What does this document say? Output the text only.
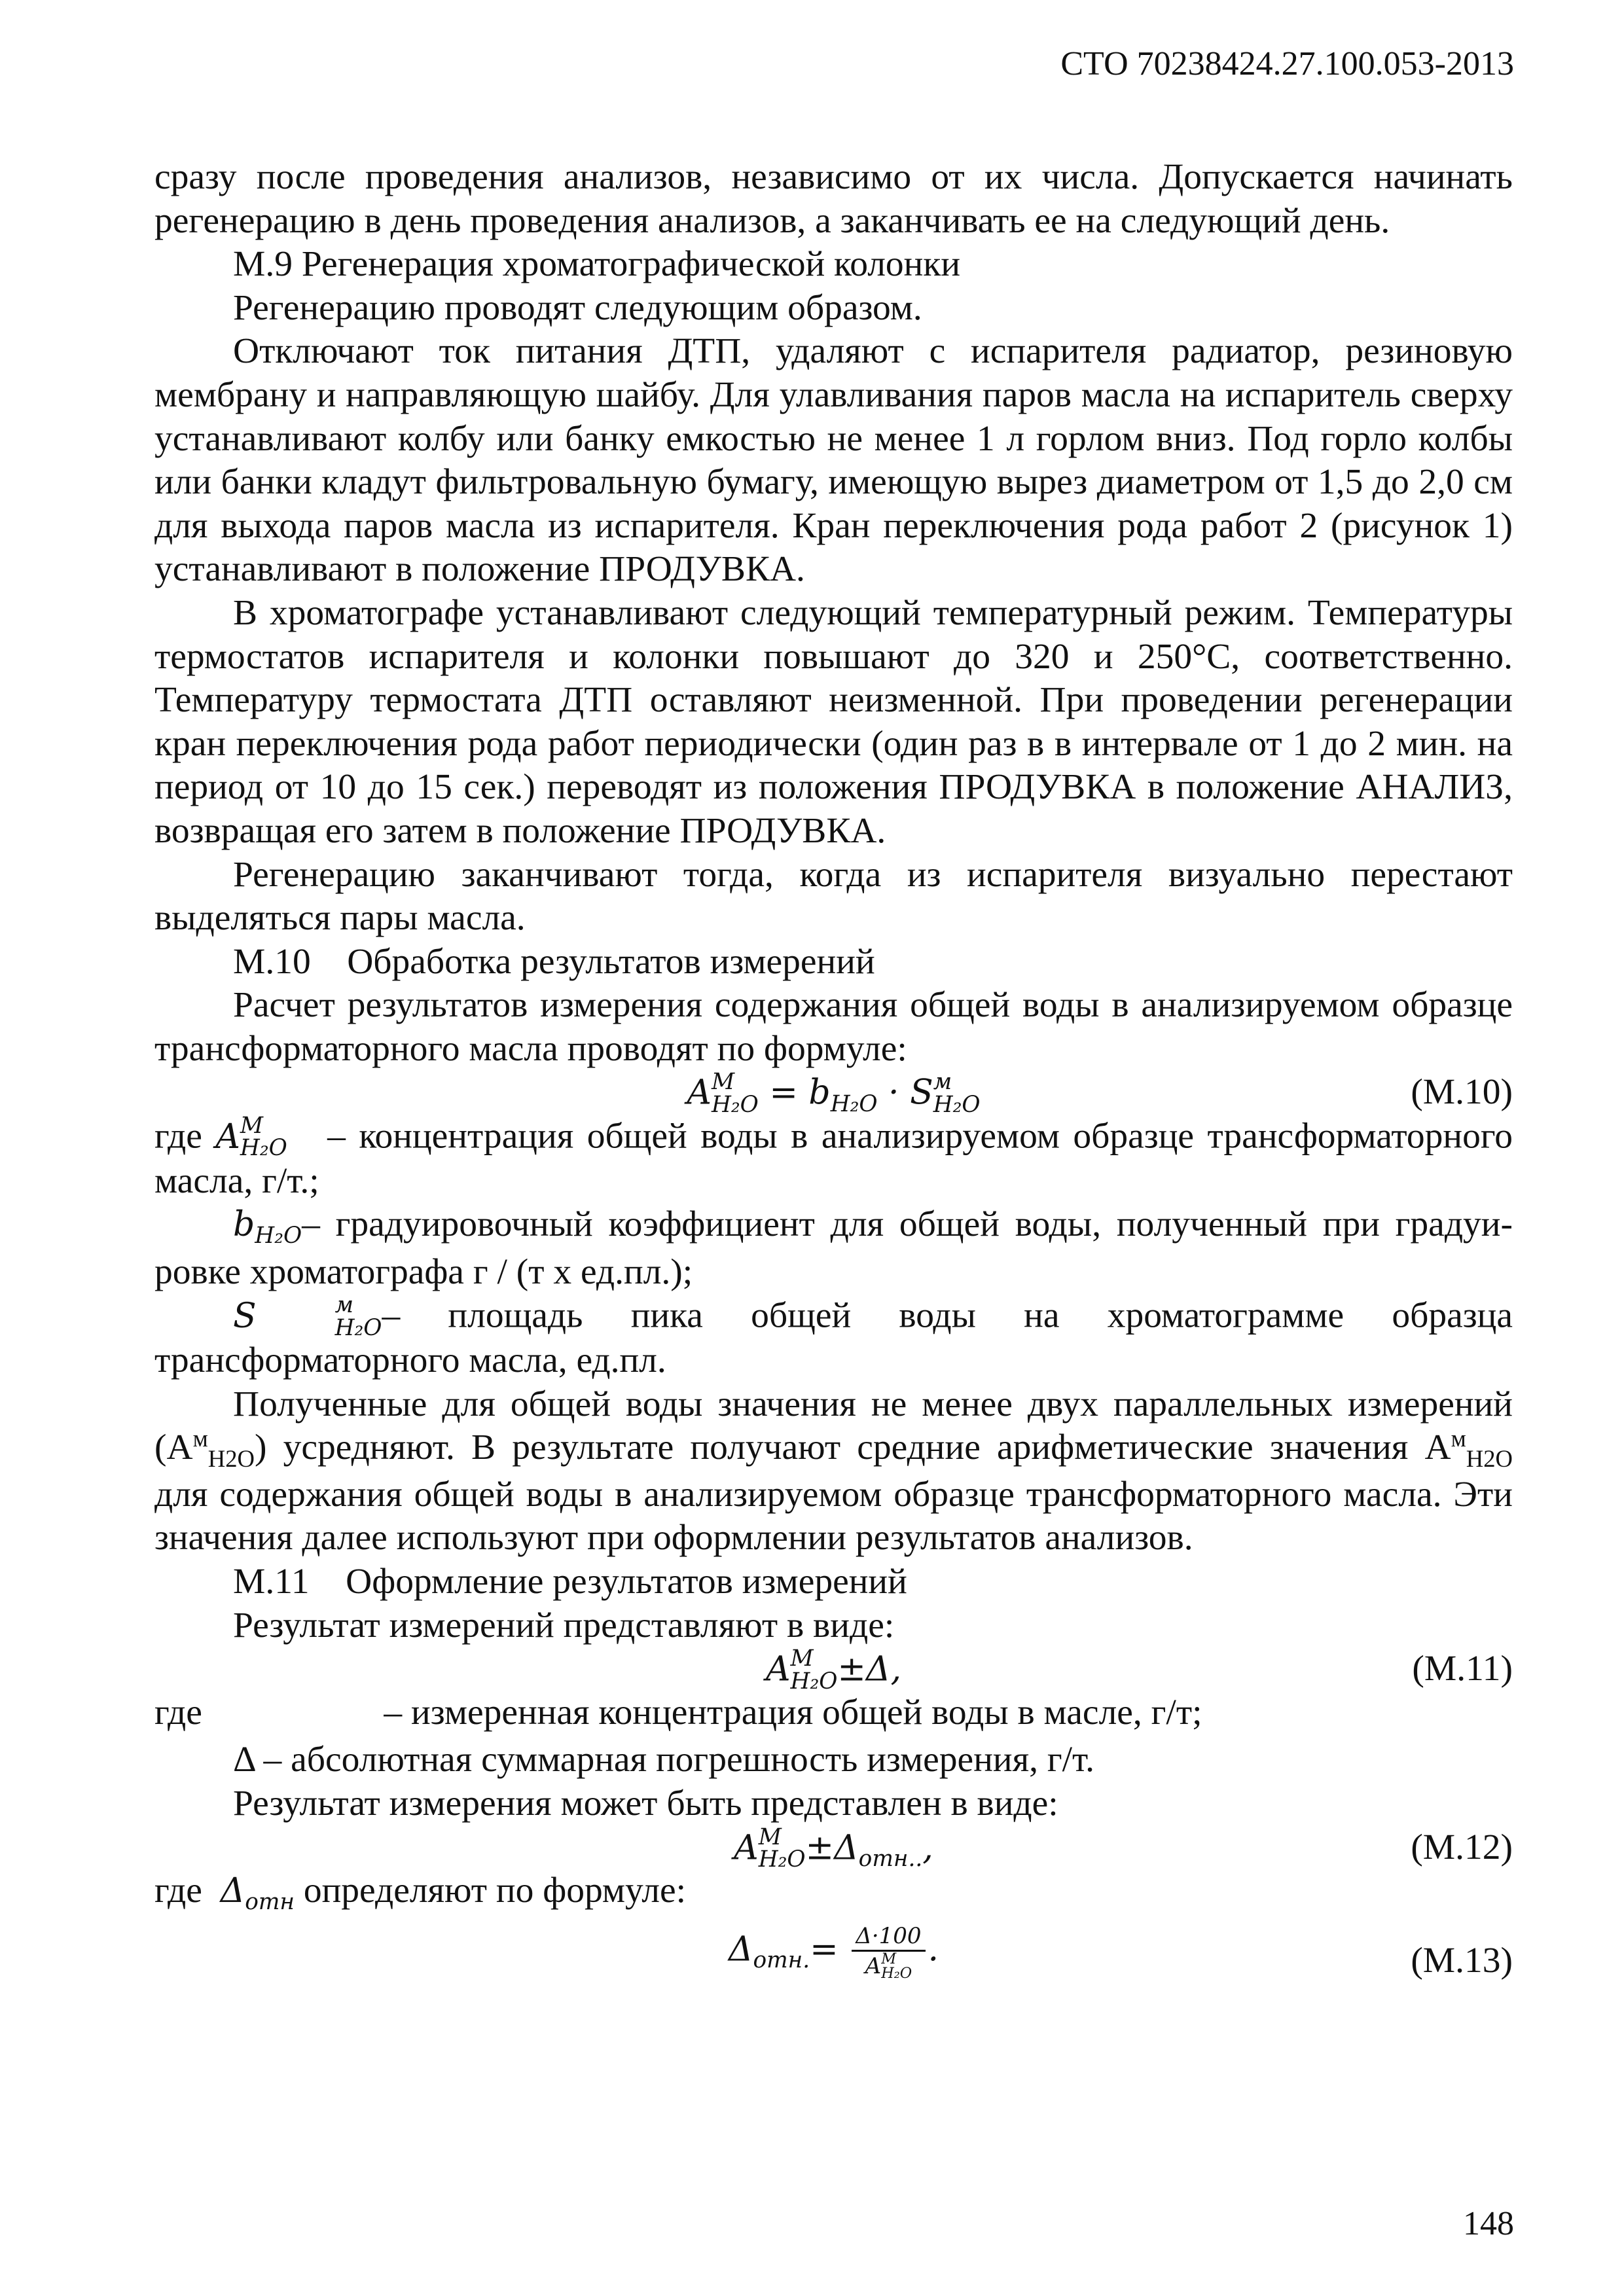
СТО 70238424.27.100.053-2013

сразу после проведения анализов, независимо от их числа. Допускается начинать регенерацию в день проведения анализов, а заканчивать ее на следующий день.

М.9 Регенерация хроматографической колонки

Регенерацию проводят следующим образом.

Отключают ток питания ДТП, удаляют с испарителя радиатор, резиновую мембрану и направляющую шайбу. Для улавливания паров масла на испаритель сверху устанавливают колбу или банку емкостью не менее 1 л горлом вниз. Под горло колбы или банки кладут фильтровальную бумагу, имеющую вырез диаметром от 1,5 до 2,0 см для выхода паров масла из испарителя. Кран переключения рода работ 2 (рисунок 1) устанавливают в положение ПРОДУВКА.

В хроматографе устанавливают следующий температурный режим. Температуры термостатов испарителя и колонки повышают до 320 и 250°С, соответственно. Температуру термостата ДТП оставляют неизменной. При проведении регенерации кран переключения рода работ периодически (один раз в в интервале от 1 до 2 мин. на период от 10 до 15 сек.) переводят из положения ПРОДУВКА в положение АНАЛИЗ, возвращая его затем в положение ПРОДУВКА.

Регенерацию заканчивают тогда, когда из испарителя визуально перестают выделяться пары масла.

М.10    Обработка результатов измерений

Расчет результатов измерения содержания общей воды в анализируемом образце трансформаторного масла проводят по формуле:

A М
$H_2O = b_{H_2O} \cdot S$ м
H₂O	(М.10)

где A М
H₂O – концентрация общей воды в анализируемом образце трансформаторного масла, г/т.;

$b_{H_2O}-$ градуировочный коэффициент для общей воды, полученный при градуи-ровке хроматографа г / (т х ед.пл.);

S	м
H₂O – площадь пика общей воды на хроматограмме образца трансформаторного масла, ед.пл.

Полученные для общей воды значения не менее двух параллельных измерений $(А^м_{Н2О})$ усредняют. В результате получают средние арифметические значения $А^м_{Н2О}$ для содержания общей воды в анализируемом образце трансформаторного масла. Эти значения далее используют при оформлении результатов анализов.

М.11    Оформление результатов измерений

Результат измерений представляют в виде:

A М
H₂O ±Δ,	(М.11)

где                    – измеренная концентрация общей воды в масле, г/т;

Δ – абсолютная суммарная погрешность измерения, г/т.

Результат измерения может быть представлен в виде:

A М
$H_2O \pm\Delta_{отн..}$,	(М.12)

где $\Delta_{отн}$ определяют по формуле:

$\Delta_{отн.}= \Delta\cdot 100$
A М
H₂O .	(М.13)
148
